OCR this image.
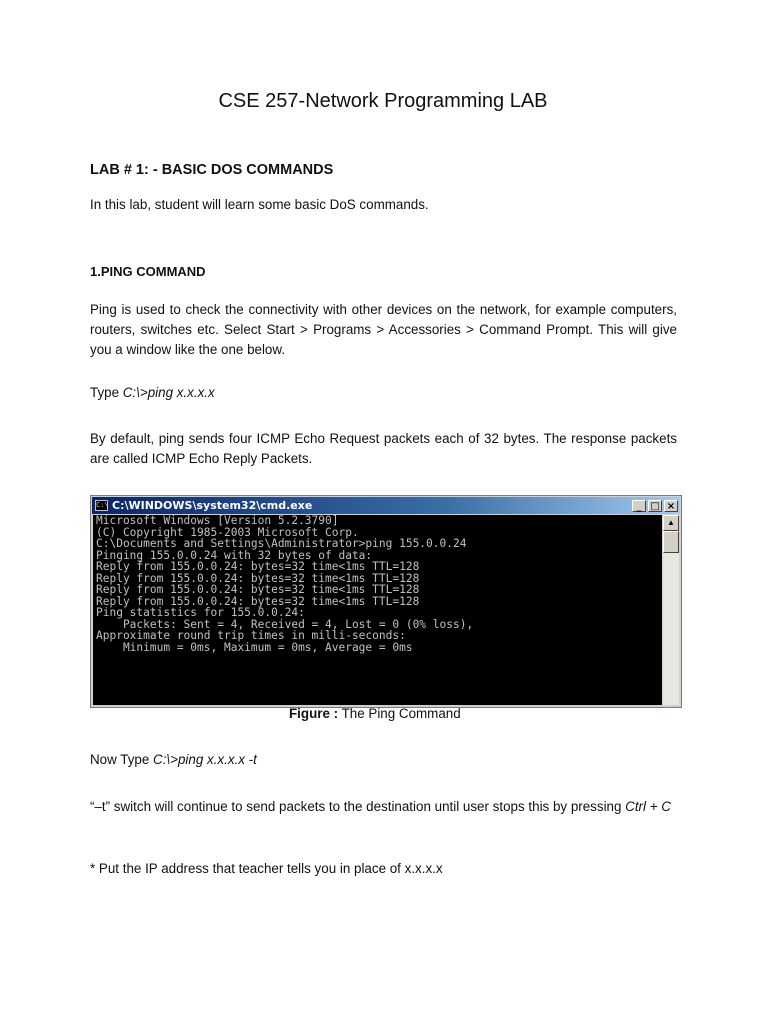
CSE 257-Network Programming LAB
LAB # 1: - BASIC DOS COMMANDS
In this lab, student will learn some basic DoS commands.
1.PING COMMAND
Ping is used to check the connectivity with other devices on the network, for example computers, routers, switches etc. Select Start > Programs > Accessories > Command Prompt. This will give you a window like the one below.
Type C:\>ping x.x.x.x
By default, ping sends four ICMP Echo Request packets each of 32 bytes. The response packets are called ICMP Echo Reply Packets.
C:\ C:\WINDOWS\system32\cmd.exe	_ □ ×
Microsoft Windows [Version 5.2.3790]
(C) Copyright 1985-2003 Microsoft Corp.
C:\Documents and Settings\Administrator>ping 155.0.0.24
Pinging 155.0.0.24 with 32 bytes of data:
Reply from 155.0.0.24: bytes=32 time<1ms TTL=128
Reply from 155.0.0.24: bytes=32 time<1ms TTL=128
Reply from 155.0.0.24: bytes=32 time<1ms TTL=128
Reply from 155.0.0.24: bytes=32 time<1ms TTL=128
Ping statistics for 155.0.0.24:
Packets: Sent = 4, Received = 4, Lost = 0 (0% loss),
Approximate round trip times in milli-seconds:
Minimum = 0ms, Maximum = 0ms, Average = 0ms
▲
Figure : The Ping Command
Now Type C:\>ping x.x.x.x -t
“–t” switch will continue to send packets to the destination until user stops this by pressing Ctrl + C
* Put the IP address that teacher tells you in place of x.x.x.x
